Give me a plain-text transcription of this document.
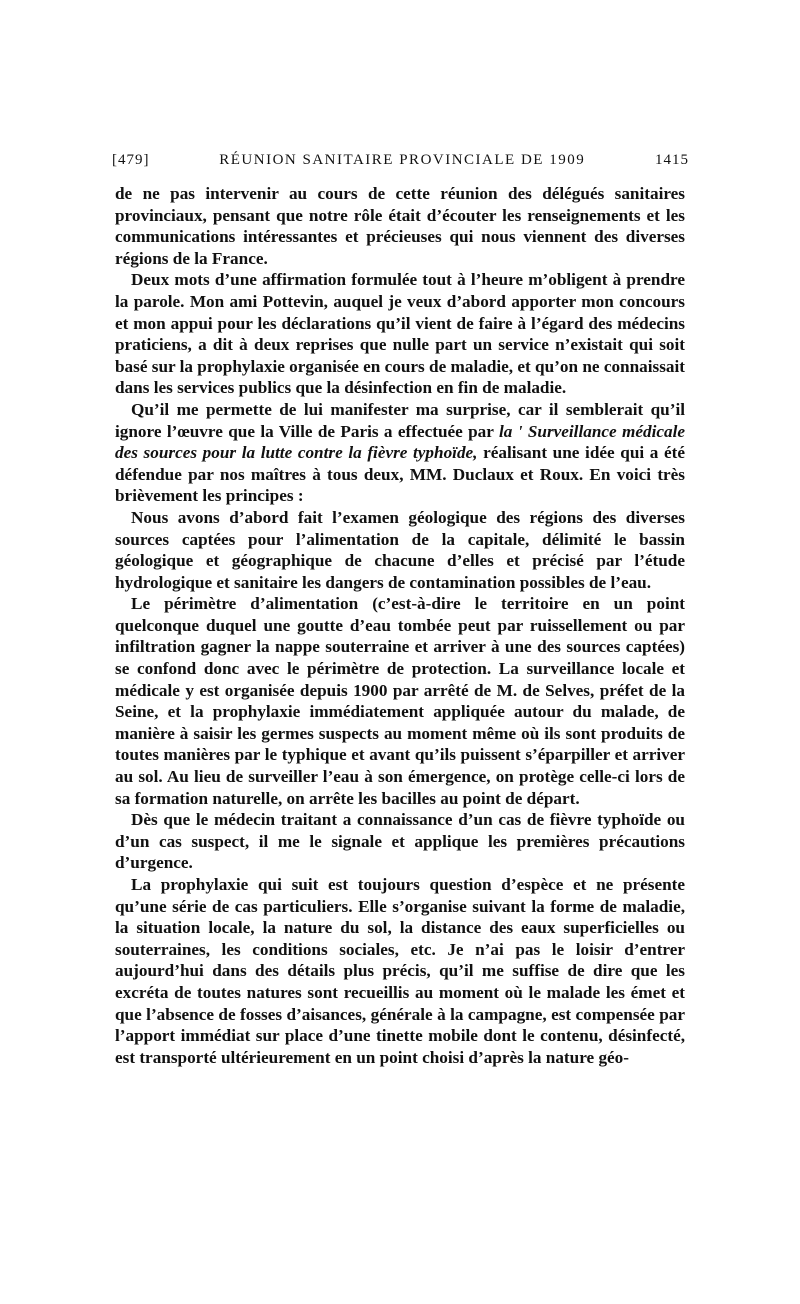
[479]	RÉUNION SANITAIRE PROVINCIALE DE 1909	1415

de ne pas intervenir au cours de cette réunion des délégués sanitaires provinciaux, pensant que notre rôle était d’écouter les renseignements et les communications intéressantes et précieuses qui nous viennent des diverses régions de la France.

Deux mots d’une affirmation formulée tout à l’heure m’obligent à prendre la parole. Mon ami Pottevin, auquel je veux d’abord apporter mon concours et mon appui pour les déclarations qu’il vient de faire à l’égard des médecins praticiens, a dit à deux reprises que nulle part un service n’existait qui soit basé sur la prophylaxie organisée en cours de maladie, et qu’on ne connaissait dans les services publics que la désinfection en fin de maladie.

Qu’il me permette de lui manifester ma surprise, car il semblerait qu’il ignore l’œuvre que la Ville de Paris a effectuée par la ' Surveillance médicale des sources pour la lutte contre la fièvre typhoïde, réalisant une idée qui a été défendue par nos maîtres à tous deux, MM. Duclaux et Roux. En voici très brièvement les principes :

Nous avons d’abord fait l’examen géologique des régions des diverses sources captées pour l’alimentation de la capitale, délimité le bassin géologique et géographique de chacune d’elles et précisé par l’étude hydrologique et sanitaire les dangers de contamination possibles de l’eau.

Le périmètre d’alimentation (c’est-à-dire le territoire en un point quelconque duquel une goutte d’eau tombée peut par ruissellement ou par infiltration gagner la nappe souterraine et arriver à une des sources captées) se confond donc avec le périmètre de protection. La surveillance locale et médicale y est organisée depuis 1900 par arrêté de M. de Selves, préfet de la Seine, et la prophylaxie immédiatement appliquée autour du malade, de manière à saisir les germes suspects au moment même où ils sont produits de toutes manières par le typhique et avant qu’ils puissent s’éparpiller et arriver au sol. Au lieu de surveiller l’eau à son émergence, on protège celle-ci lors de sa formation naturelle, on arrête les bacilles au point de départ.

Dès que le médecin traitant a connaissance d’un cas de fièvre typhoïde ou d’un cas suspect, il me le signale et applique les premières précautions d’urgence.

La prophylaxie qui suit est toujours question d’espèce et ne présente qu’une série de cas particuliers. Elle s’organise suivant la forme de maladie, la situation locale, la nature du sol, la distance des eaux superficielles ou souterraines, les conditions sociales, etc. Je n’ai pas le loisir d’entrer aujourd’hui dans des détails plus précis, qu’il me suffise de dire que les excréta de toutes natures sont recueillis au moment où le malade les émet et que l’absence de fosses d’aisances, générale à la campagne, est compensée par l’apport immédiat sur place d’une tinette mobile dont le contenu, désinfecté, est transporté ultérieurement en un point choisi d’après la nature géo-
